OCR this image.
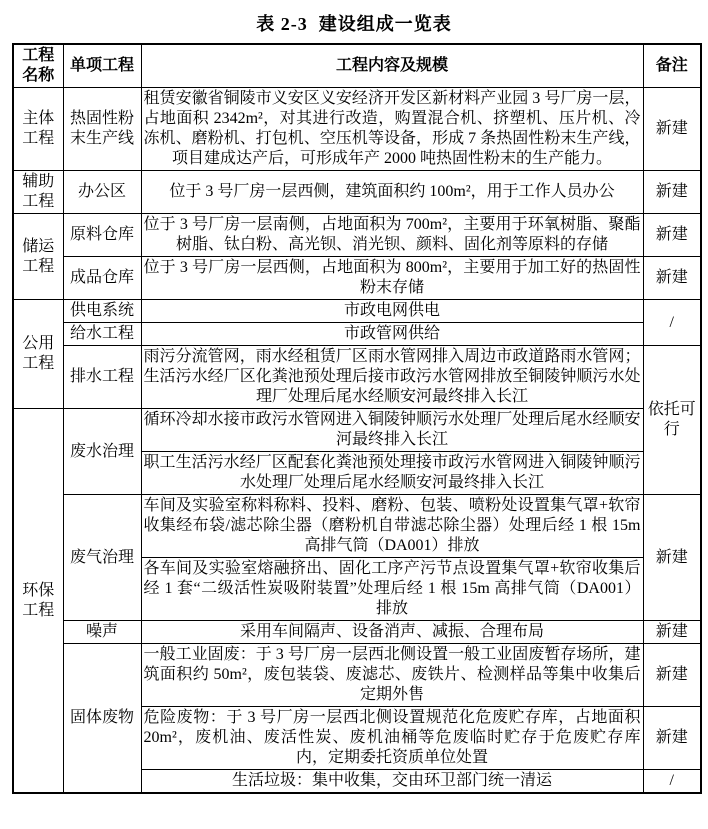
表 2-3  建设组成一览表
工程名称	单项工程	工程内容及规模	备注
主体工程	热固性粉末生产线	租赁安徽省铜陵市义安区义安经济开发区新材料产业园 3 号厂房一层，占地面积 2342m²，对其进行改造，购置混合机、挤塑机、压片机、冷冻机、磨粉机、打包机、空压机等设备，形成 7 条热固性粉末生产线，项目建成达产后，可形成年产 2000 吨热固性粉末的生产能力。	新建
辅助工程	办公区	位于 3 号厂房一层西侧，建筑面积约 100m²，用于工作人员办公	新建
储运工程	原料仓库	位于 3 号厂房一层南侧，占地面积为 700m²，主要用于环氧树脂、聚酯树脂、钛白粉、高光钡、消光钡、颜料、固化剂等原料的存储	新建
	成品仓库	位于 3 号厂房一层西侧，占地面积为 800m²，主要用于加工好的热固性粉末存储	新建
公用工程	供电系统	市政电网供电	/
	给水工程	市政管网供给	
	排水工程	雨污分流管网，雨水经租赁厂区雨水管网排入周边市政道路雨水管网；生活污水经厂区化粪池预处理后接市政污水管网排放至铜陵钟顺污水处理厂处理后尾水经顺安河最终排入长江	依托可行
环保工程	废水治理	循环冷却水接市政污水管网进入铜陵钟顺污水处理厂处理后尾水经顺安河最终排入长江	
		职工生活污水经厂区配套化粪池预处理接市政污水管网进入铜陵钟顺污水处理厂处理后尾水经顺安河最终排入长江	
	废气治理	车间及实验室称料称料、投料、磨粉、包装、喷粉处设置集气罩+软帘收集经布袋/滤芯除尘器（磨粉机自带滤芯除尘器）处理后经 1 根 15m 高排气筒（DA001）排放	新建
		各车间及实验室熔融挤出、固化工序产污节点设置集气罩+软帘收集后经 1 套“二级活性炭吸附装置”处理后经 1 根 15m 高排气筒（DA001）排放	
	噪声	采用车间隔声、设备消声、减振、合理布局	新建
	固体废物	一般工业固废：于 3 号厂房一层西北侧设置一般工业固废暂存场所，建筑面积约 50m²，废包装袋、废滤芯、废铁片、检测样品等集中收集后定期外售	新建
		危险废物：于 3 号厂房一层西北侧设置规范化危废贮存库，占地面积 20m²，废机油、废活性炭、废机油桶等危废临时贮存于危废贮存库内，定期委托资质单位处置	新建
		生活垃圾：集中收集，交由环卫部门统一清运	/
